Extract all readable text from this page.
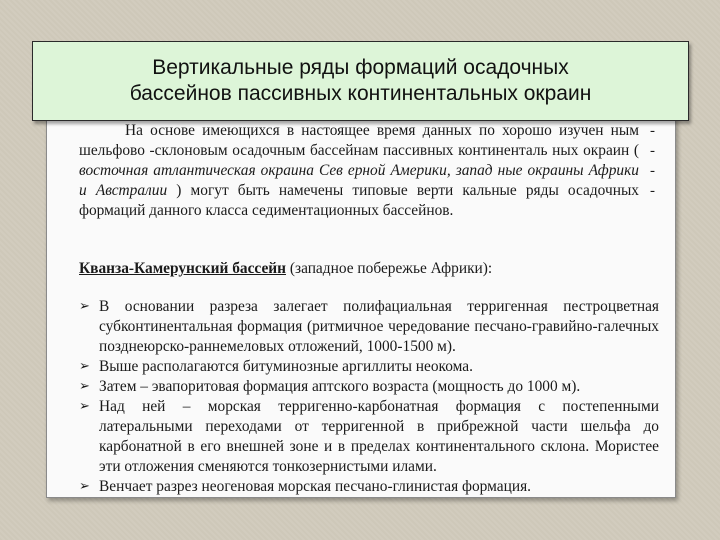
Вертикальные ряды формаций осадочных
бассейнов пассивных континентальных окраин
На основе имеющихся в настоящее время данных по хорошо изучен ным шельфово -склоновым осадочным бассейнам пассивных континенталь ных окраин ( восточная атлантическая окраина Сев ерной Америки, запад ные окраины Африки и Австралии ) могут быть намечены типовые верти кальные ряды осадочных формаций данного класса седиментационных бассейнов.
-
-
-
-
Кванза-Камерунский бассейн (западное побережье Африки):
➢ В основании разреза залегает полифациальная терригенная пестроцветная субконтинентальная формация (ритмичное чередование песчано-гравийно-галечных позднеюрско-раннемеловых отложений, 1000-1500 м).
➢ Выше располагаются битуминозные аргиллиты неокома.
➢ Затем – эвапоритовая формация аптского возраста (мощность до 1000 м).
➢ Над ней – морская терригенно-карбонатная формация с постепенными латеральными переходами от терригенной в прибрежной части шельфа до карбонатной в его внешней зоне и в пределах континентального склона. Мористее эти отложения сменяются тонкозернистыми илами.
➢ Венчает разрез неогеновая морская песчано-глинистая формация.
